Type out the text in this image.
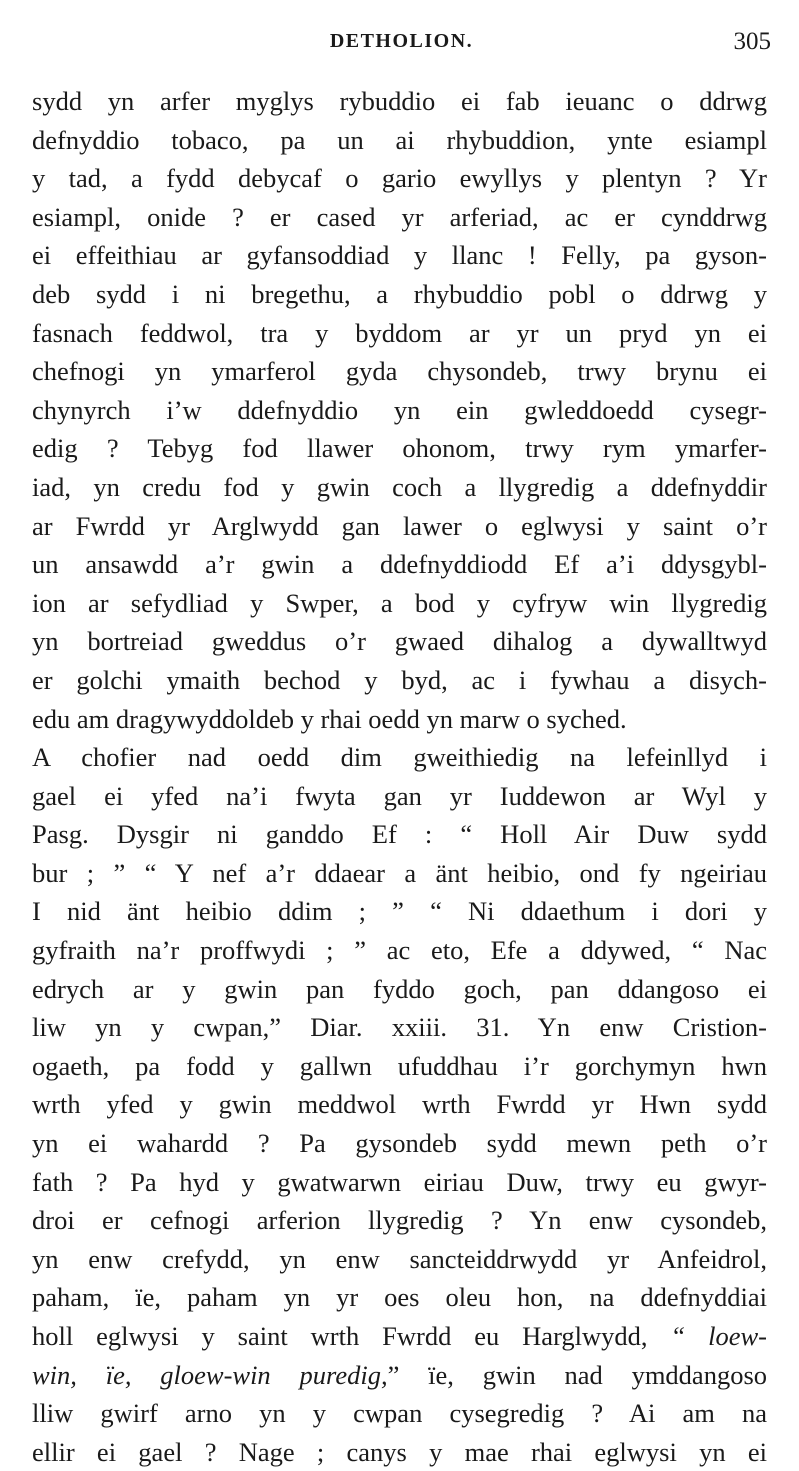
DETHOLION.	305
sydd yn arfer myglys rybuddio ei fab ieuanc o ddrwg
defnyddio tobaco, pa un ai rhybuddion, ynte esiampl
y tad, a fydd debycaf o gario ewyllys y plentyn ? Yr
esiampl, onide ? er cased yr arferiad, ac er cynddrwg
ei effeithiau ar gyfansoddiad y llanc ! Felly, pa gyson-
deb sydd i ni bregethu, a rhybuddio pobl o ddrwg y
fasnach feddwol, tra y byddom ar yr un pryd yn ei
chefnogi yn ymarferol gyda chysondeb, trwy brynu ei
chynyrch i’w ddefnyddio yn ein gwleddoedd cysegr-
edig ? Tebyg fod llawer ohonom, trwy rym ymarfer-
iad, yn credu fod y gwin coch a llygredig a ddefnyddir
ar Fwrdd yr Arglwydd gan lawer o eglwysi y saint o’r
un ansawdd a’r gwin a ddefnyddiodd Ef a’i ddysgybl-
ion ar sefydliad y Swper, a bod y cyfryw win llygredig
yn bortreiad gweddus o’r gwaed dihalog a dywalltwyd
er golchi ymaith bechod y byd, ac i fywhau a disych-
edu am dragywyddoldeb y rhai oedd yn marw o syched.
A chofier nad oedd dim gweithiedig na lefeinllyd i
gael ei yfed na’i fwyta gan yr Iuddewon ar Wyl y
Pasg. Dysgir ni ganddo Ef : “ Holl Air Duw sydd
bur ; ” “ Y nef a’r ddaear a änt heibio, ond fy ngeiriau
I nid änt heibio ddim ; ” “ Ni ddaethum i dori y
gyfraith na’r proffwydi ; ” ac eto, Efe a ddywed, “ Nac
edrych ar y gwin pan fyddo goch, pan ddangoso ei
liw yn y cwpan,” Diar. xxiii. 31. Yn enw Cristion-
ogaeth, pa fodd y gallwn ufuddhau i’r gorchymyn hwn
wrth yfed y gwin meddwol wrth Fwrdd yr Hwn sydd
yn ei wahardd ? Pa gysondeb sydd mewn peth o’r
fath ? Pa hyd y gwatwarwn eiriau Duw, trwy eu gwyr-
droi er cefnogi arferion llygredig ? Yn enw cysondeb,
yn enw crefydd, yn enw sancteiddrwydd yr Anfeidrol,
paham, ïe, paham yn yr oes oleu hon, na ddefnyddiai
holl eglwysi y saint wrth Fwrdd eu Harglwydd, “ loew-
win, ïe, gloew-win puredig,” ïe, gwin nad ymddangoso
lliw gwirf arno yn y cwpan cysegredig ? Ai am na
ellir ei gael ? Nage ; canys y mae rhai eglwysi yn ei
